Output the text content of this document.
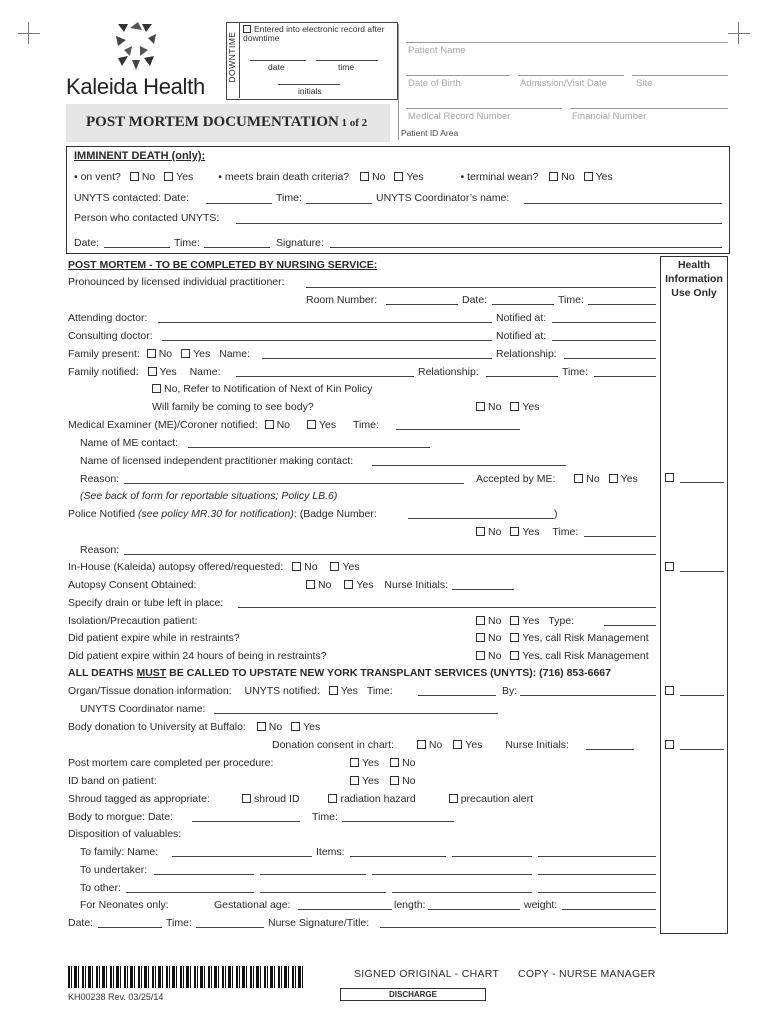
Kaleida Health
DOWNTIME
Entered into electronic record after downtime
date	time
initials
POST MORTEM DOCUMENTATION 1 of 2
Patient Name
Date of Birth	Admission/Visit Date	Site
Medical Record Number	Financial Number
Patient ID Area
IMMINENT DEATH (only):
• on vent? No Yes • meets brain death criteria? No Yes	• terminal wean? No Yes
UNYTS contacted: Date:	Time:	UNYTS Coordinator’s name:
Person who contacted UNYTS:
Date:	Time:	Signature:
Health Information Use Only
POST MORTEM - TO BE COMPLETED BY NURSING SERVICE:
Pronounced by licensed individual practitioner:
Room Number:	Date:	Time:
Attending doctor:	Notified at:
Consulting doctor:	Notified at:
Family present: No Yes Name:	Relationship:
Family notified: Yes Name:	Relationship:	Time:
No, Refer to Notification of Next of Kin Policy
Will family be coming to see body?	No Yes
Medical Examiner (ME)/Coroner notified: No	Yes Time:
Name of ME contact:
Name of licensed independent practitioner making contact:
Reason:	Accepted by ME:	No Yes
(See back of form for reportable situations; Policy LB.6)
Police Notified (see policy MR.30 for notification): (Badge Number:	)
No Yes Time:
Reason:
In-House (Kaleida) autopsy offered/requested: No Yes
Autopsy Consent Obtained:	No Yes Nurse Initials:
Specify drain or tube left in place:
Isolation/Precaution patient:	No Yes Type:
Did patient expire while in restraints?	No Yes, call Risk Management
Did patient expire within 24 hours of being in restraints?	No Yes, call Risk Management
ALL DEATHS MUST BE CALLED TO UPSTATE NEW YORK TRANSPLANT SERVICES (UNYTS): (716) 853-6667
Organ/Tissue donation information: UNYTS notified: Yes Time:	By:
UNYTS Coordinator name:
Body donation to University at Buffalo: No Yes
Donation consent in chart:	No Yes Nurse Initials:
Post mortem care completed per procedure:	Yes No
ID band on patient:	Yes No
Shroud tagged as appropriate:	shroud ID	radiation hazard	precaution alert
Body to morgue: Date:	Time:
Disposition of valuables:
To family: Name:	Items:
To undertaker:
To other:
For Neonates only:	Gestational age:	length:	weight:
Date:	Time:	Nurse Signature/Title:
KH00238 Rev. 03/25/14
SIGNED ORIGINAL - CHART COPY - NURSE MANAGER
DISCHARGE
